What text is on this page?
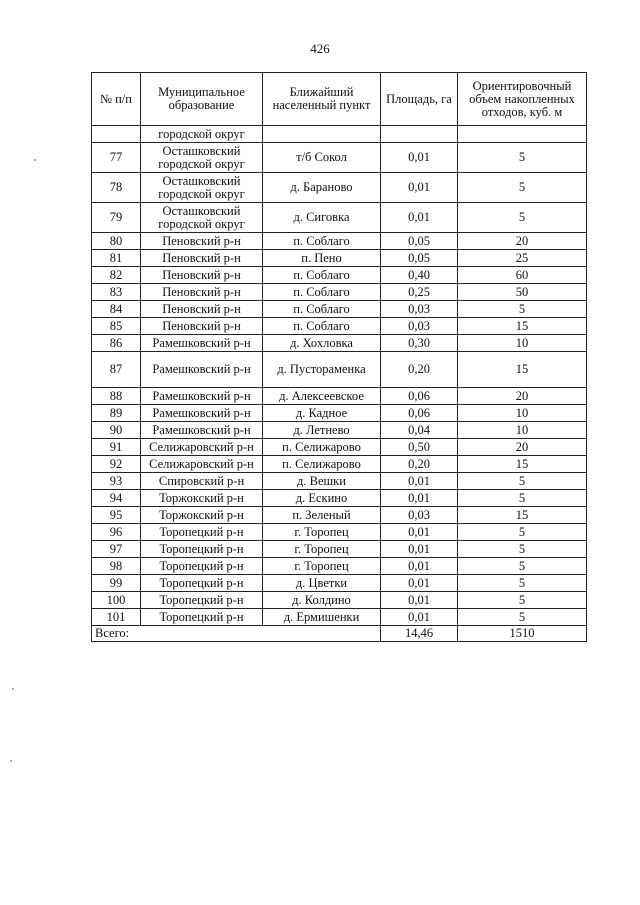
426
№ п/п	Муниципальное образование	Ближайший населенный пункт	Площадь, га	Ориентировочный объем накопленных отходов, куб. м
	городской округ			
77	Осташковский городской округ	т/б Сокол	0,01	5
78	Осташковский городской округ	д. Бараново	0,01	5
79	Осташковский городской округ	д. Сиговка	0,01	5
80	Пеновский р-н	п. Соблаго	0,05	20
81	Пеновский р-н	п. Пено	0,05	25
82	Пеновский р-н	п. Соблаго	0,40	60
83	Пеновский р-н	п. Соблаго	0,25	50
84	Пеновский р-н	п. Соблаго	0,03	5
85	Пеновский р-н	п. Соблаго	0,03	15
86	Рамешковский р-н	д. Хохловка	0,30	10
87	Рамешковский р-н	д. Пустораменка	0,20	15
88	Рамешковский р-н	д. Алексеевское	0,06	20
89	Рамешковский р-н	д. Кадное	0,06	10
90	Рамешковский р-н	д. Летнево	0,04	10
91	Селижаровский р-н	п. Селижарово	0,50	20
92	Селижаровский р-н	п. Селижарово	0,20	15
93	Спировский р-н	д. Вешки	0,01	5
94	Торжокский р-н	д. Ескино	0,01	5
95	Торжокский р-н	п. Зеленый	0,03	15
96	Торопецкий р-н	г. Торопец	0,01	5
97	Торопецкий р-н	г. Торопец	0,01	5
98	Торопецкий р-н	г. Торопец	0,01	5
99	Торопецкий р-н	д. Цветки	0,01	5
100	Торопецкий р-н	д. Колдино	0,01	5
101	Торопецкий р-н	д. Ермишенки	0,01	5
Всего:			14,46	1510
